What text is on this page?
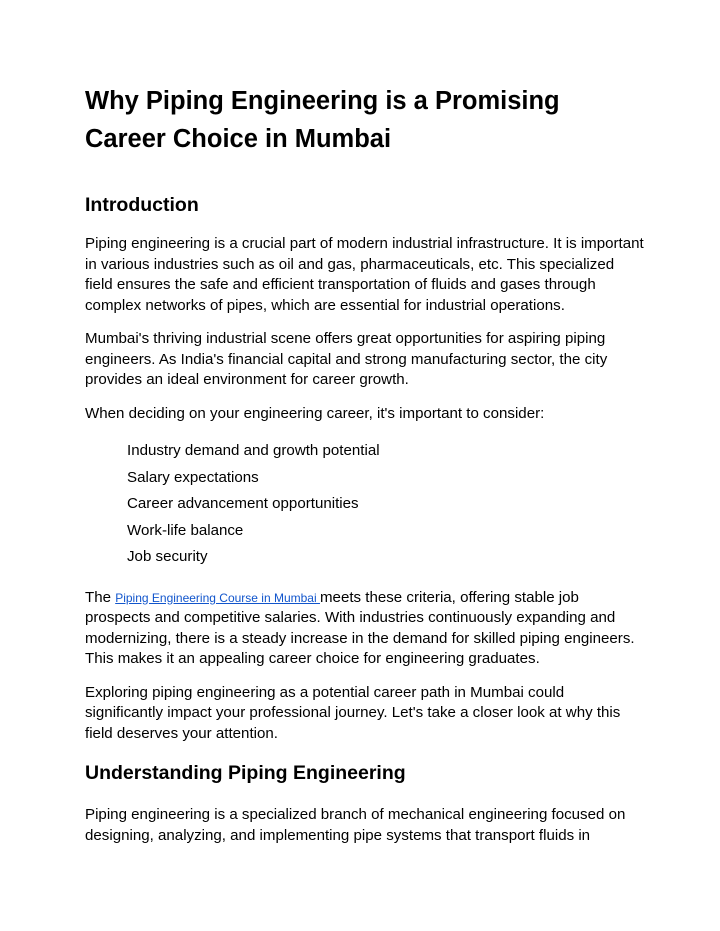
Why Piping Engineering is a Promising Career Choice in Mumbai
Introduction

Piping engineering is a crucial part of modern industrial infrastructure. It is important in various industries such as oil and gas, pharmaceuticals, etc. This specialized field ensures the safe and efficient transportation of fluids and gases through complex networks of pipes, which are essential for industrial operations.

Mumbai's thriving industrial scene offers great opportunities for aspiring piping engineers. As India's financial capital and strong manufacturing sector, the city provides an ideal environment for career growth.

When deciding on your engineering career, it's important to consider:

Industry demand and growth potential
Salary expectations
Career advancement opportunities
Work-life balance
Job security

The Piping Engineering Course in Mumbai meets these criteria, offering stable job prospects and competitive salaries. With industries continuously expanding and modernizing, there is a steady increase in the demand for skilled piping engineers. This makes it an appealing career choice for engineering graduates.

Exploring piping engineering as a potential career path in Mumbai could significantly impact your professional journey. Let's take a closer look at why this field deserves your attention.

Understanding Piping Engineering

Piping engineering is a specialized branch of mechanical engineering focused on designing, analyzing, and implementing pipe systems that transport fluids in
